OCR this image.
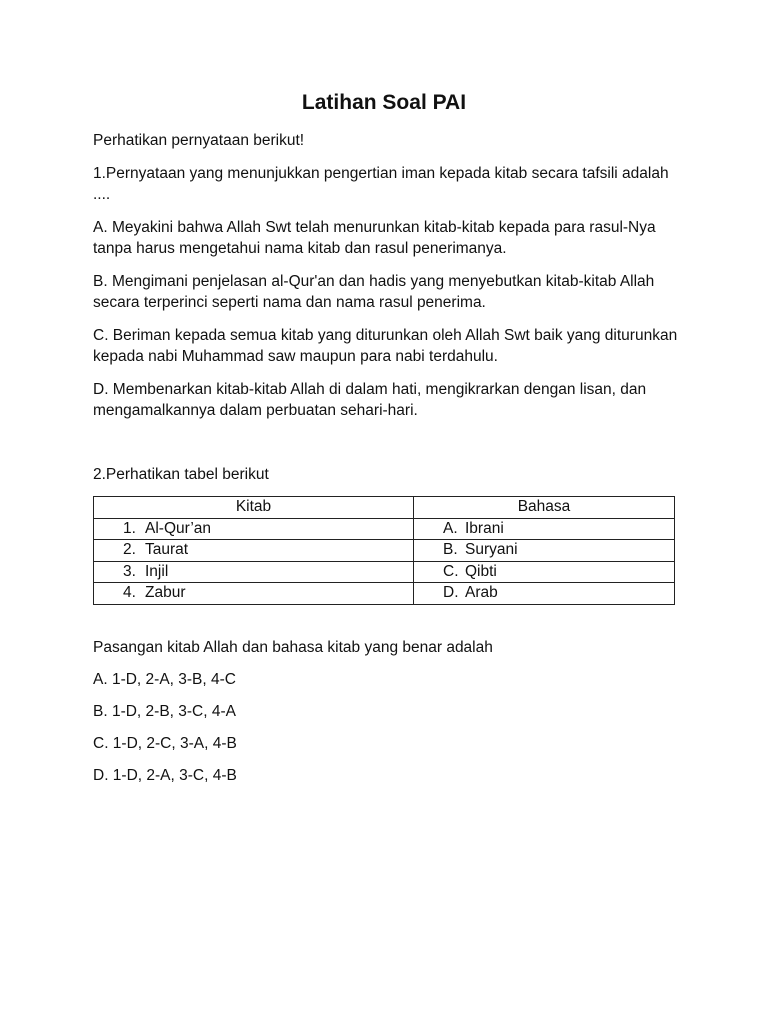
Latihan Soal PAI

Perhatikan pernyataan berikut!

1.Pernyataan yang menunjukkan pengertian iman kepada kitab secara tafsili adalah ....

A. Meyakini bahwa Allah Swt telah menurunkan kitab-kitab kepada para rasul-Nya tanpa harus mengetahui nama kitab dan rasul penerimanya.

B. Mengimani penjelasan al-Qur'an dan hadis yang menyebutkan kitab-kitab Allah secara terperinci seperti nama dan nama rasul penerima.

C. Beriman kepada semua kitab yang diturunkan oleh Allah Swt baik yang diturunkan kepada nabi Muhammad saw maupun para nabi terdahulu.

D. Membenarkan kitab-kitab Allah di dalam hati, mengikrarkan dengan lisan, dan mengamalkannya dalam perbuatan sehari-hari.

2.Perhatikan tabel berikut

Kitab	Bahasa
1. Al-Qur’an	A. Ibrani
2. Taurat	B. Suryani
3. Injil	C. Qibti
4. Zabur	D. Arab

Pasangan kitab Allah dan bahasa kitab yang benar adalah

A. 1-D, 2-A, 3-B, 4-C

B. 1-D, 2-B, 3-C, 4-A

C. 1-D, 2-C, 3-A, 4-B

D. 1-D, 2-A, 3-C, 4-B
